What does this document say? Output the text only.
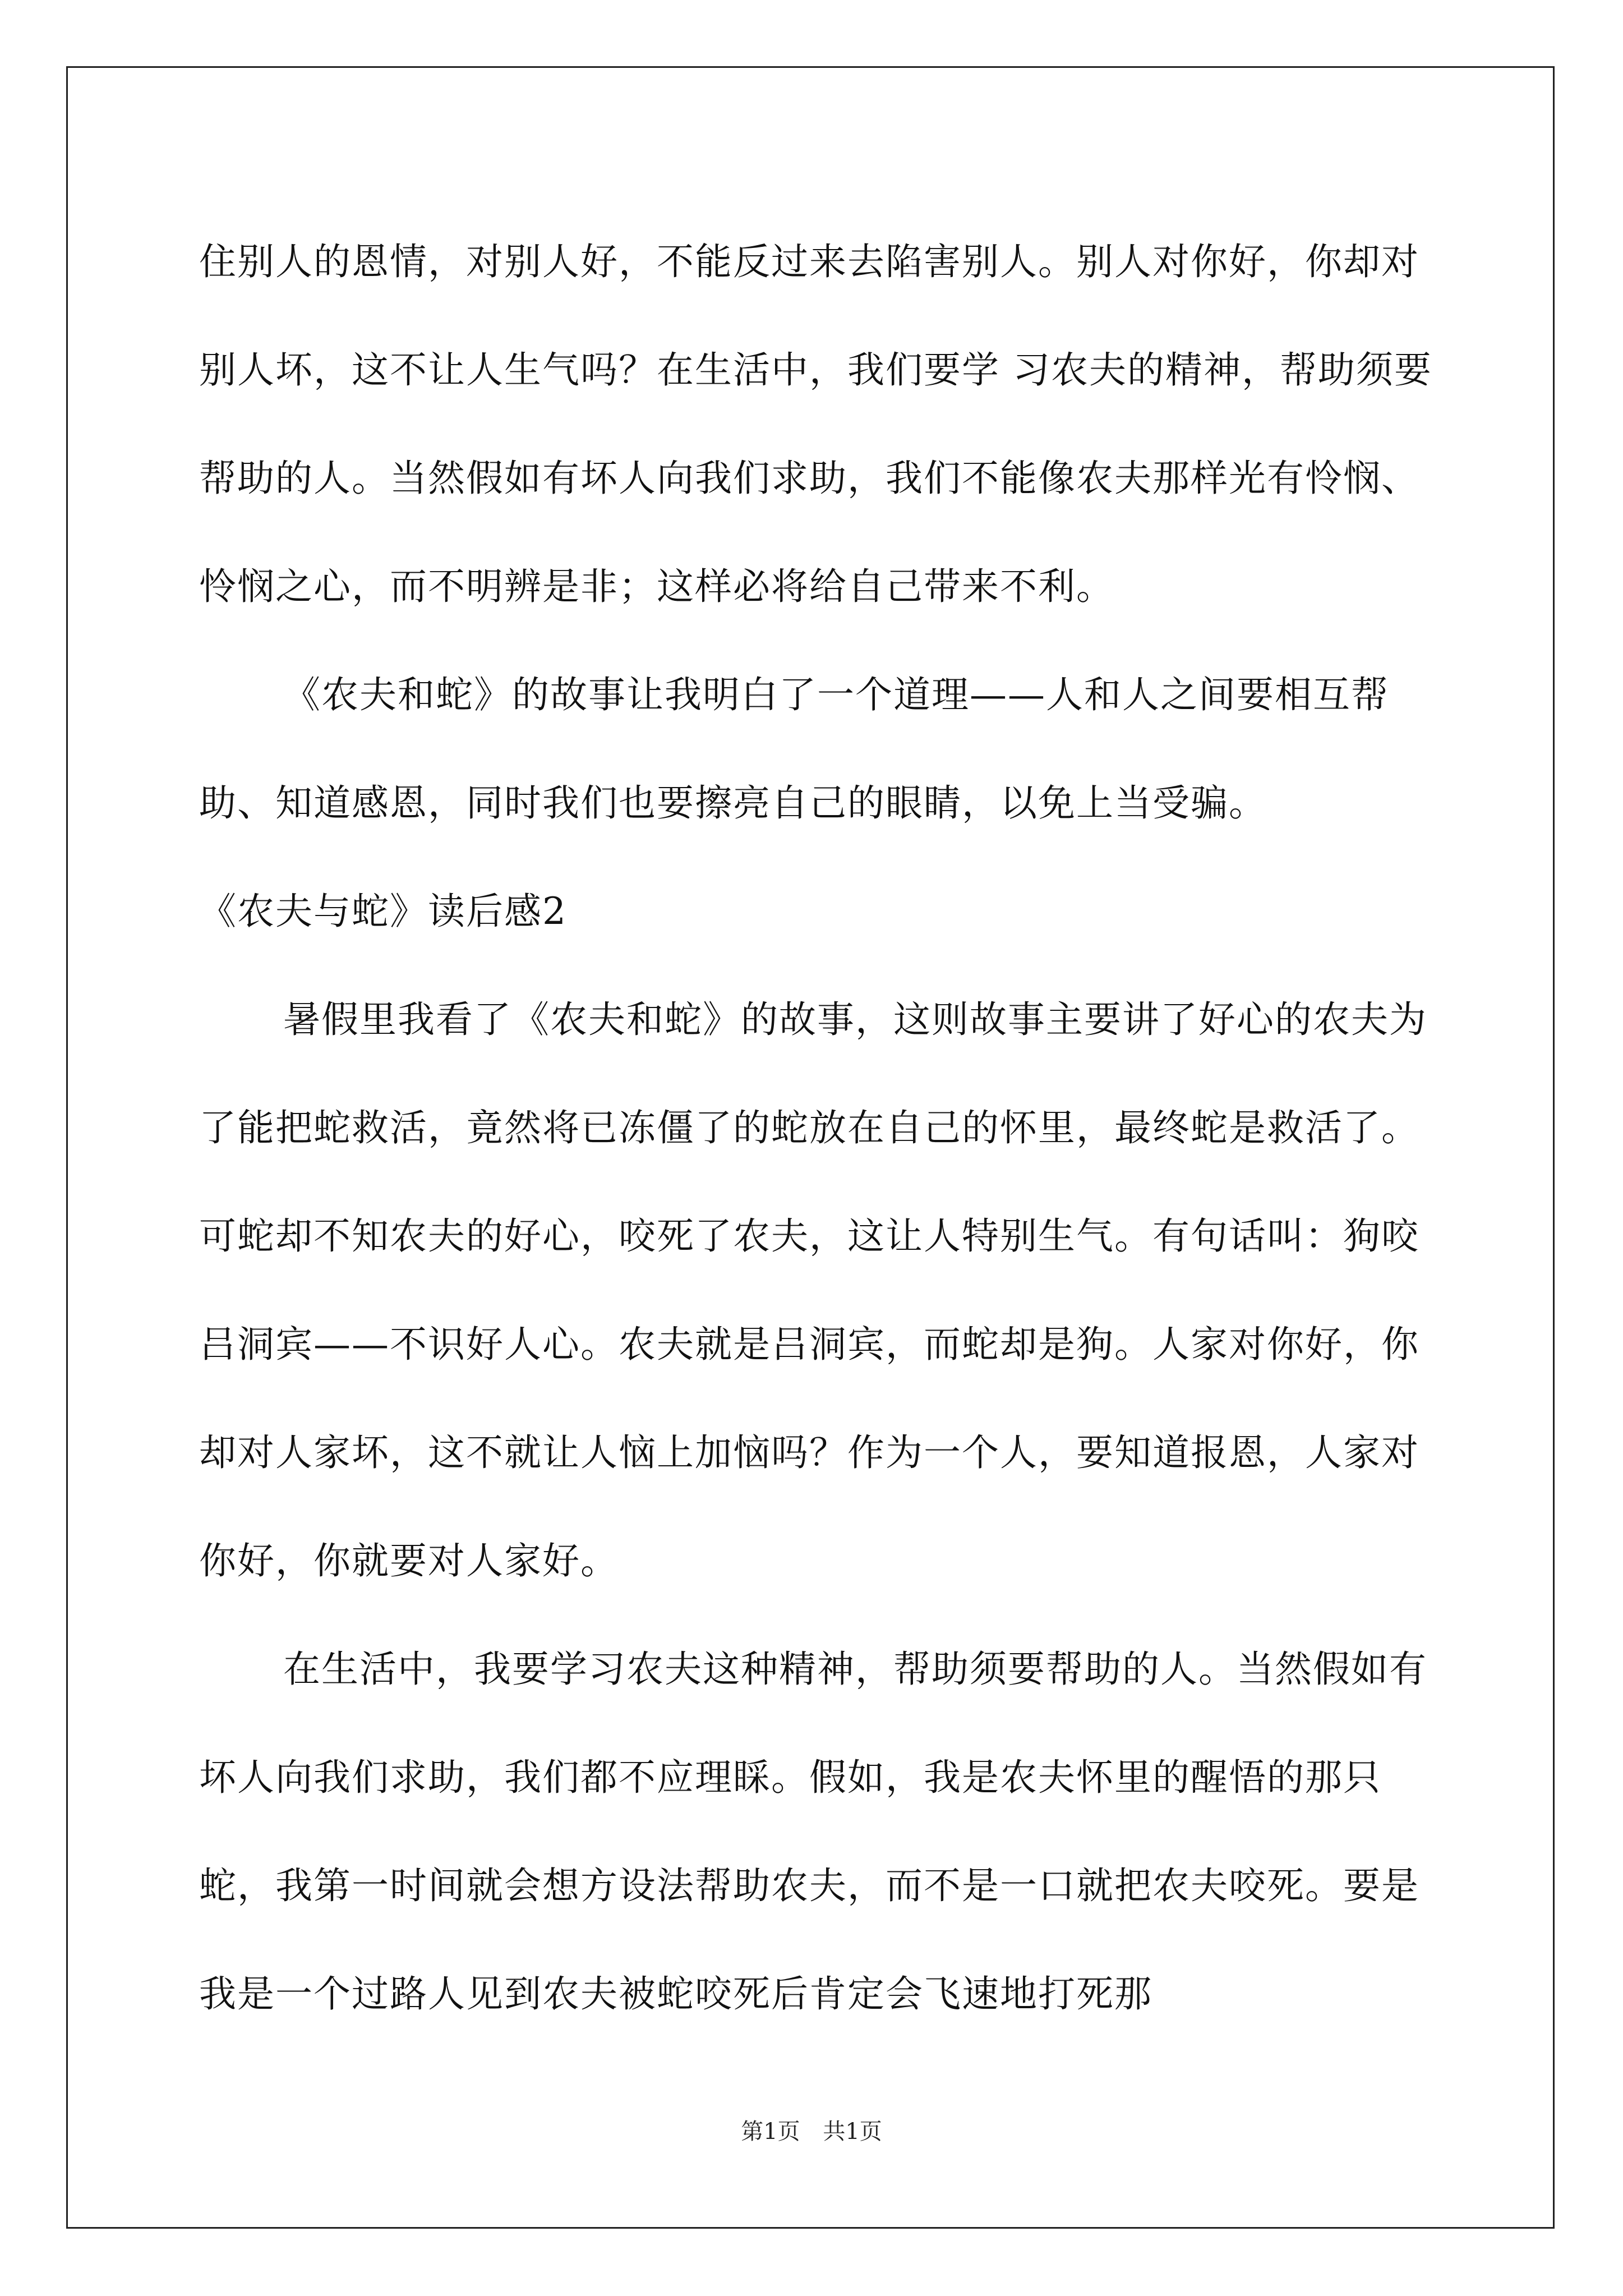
住别人的恩情，对别人好，不能反过来去陷害别人。别人对你好，你却对别人坏，这不让人生气吗？在生活中，我们要学 习农夫的精神，帮助须要帮助的人。当然假如有坏人向我们求助，我们不能像农夫那样光有怜悯、怜悯之心，而不明辨是非；这样必将给自己带来不利。

《农夫和蛇》的故事让我明白了一个道理——人和人之间要相互帮助、知道感恩，同时我们也要擦亮自己的眼睛，以免上当受骗。

《农夫与蛇》读后感2

暑假里我看了《农夫和蛇》的故事，这则故事主要讲了好心的农夫为了能把蛇救活，竟然将已冻僵了的蛇放在自己的怀里，最终蛇是救活了。可蛇却不知农夫的好心，咬死了农夫，这让人特别生气。有句话叫：狗咬吕洞宾——不识好人心。农夫就是吕洞宾，而蛇却是狗。人家对你好，你却对人家坏，这不就让人恼上加恼吗？作为一个人，要知道报恩，人家对你好，你就要对人家好。

在生活中，我要学习农夫这种精神，帮助须要帮助的人。当然假如有坏人向我们求助，我们都不应理睬。假如，我是农夫怀里的醒悟的那只蛇，我第一时间就会想方设法帮助农夫，而不是一口就把农夫咬死。要是我是一个过路人见到农夫被蛇咬死后肯定会飞速地打死那

第1页 共1页
